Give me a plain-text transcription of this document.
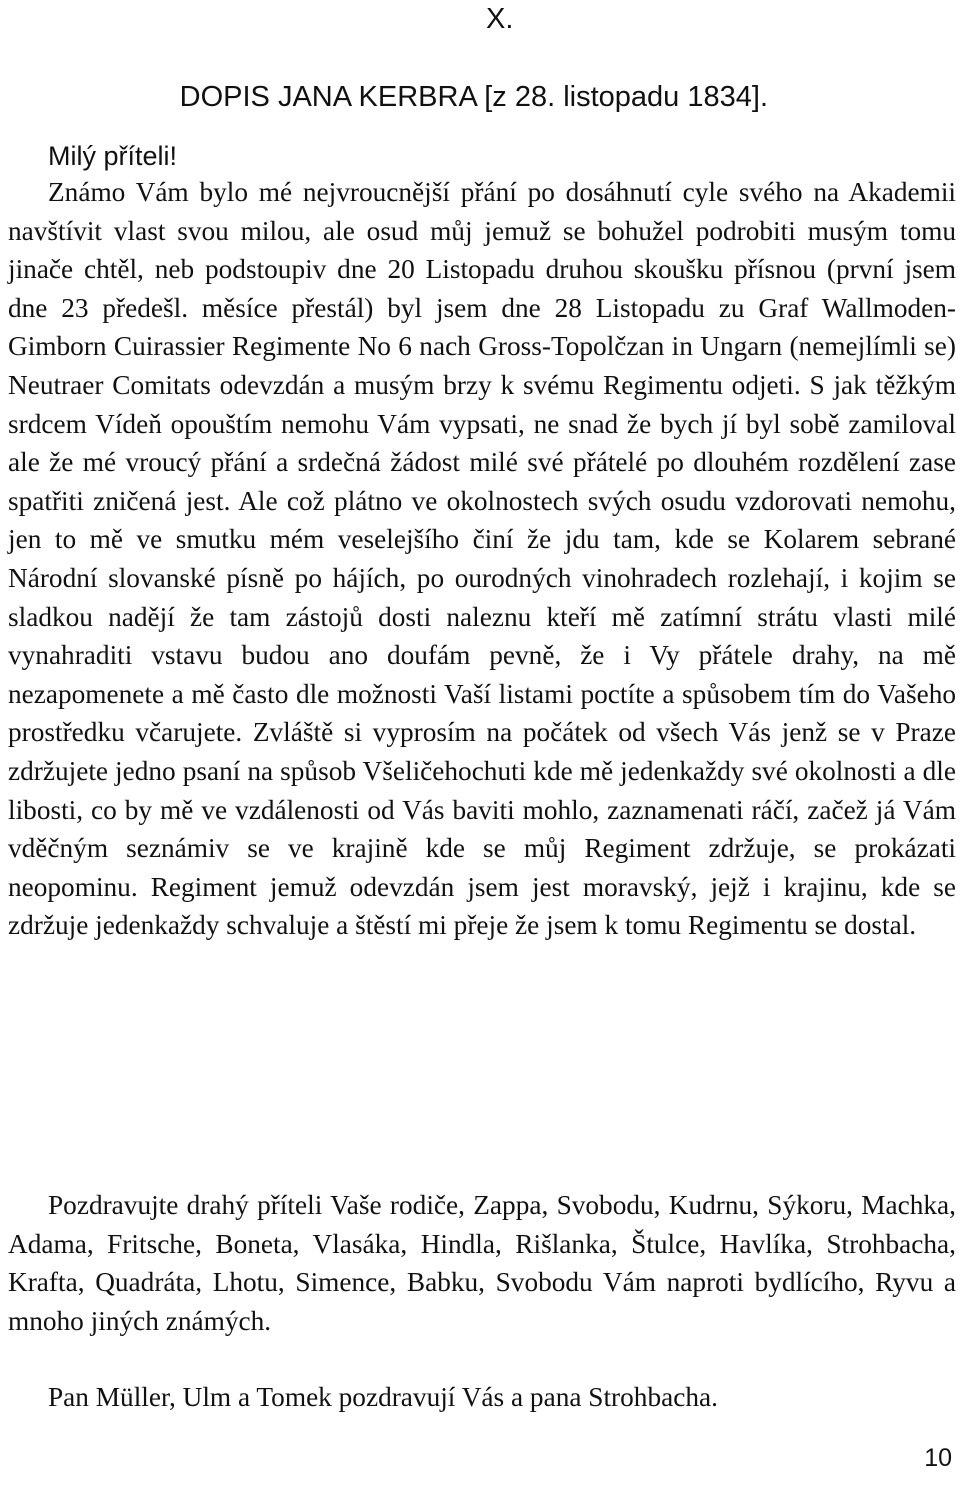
X.

DOPIS JANA KERBRA [z 28. listopadu 1834].

Milý příteli!

Známo Vám bylo mé nejvroucnější přání po dosáhnutí cyle svého na Akademii navštívit vlast svou milou, ale osud můj jemuž se bohužel podrobiti musým tomu jinače chtěl, neb podstoupiv dne 20 Listopadu druhou skoušku přísnou (první jsem dne 23 předešl. měsíce přestál) byl jsem dne 28 Listopadu zu Graf Wallmoden-Gimborn Cuirassier Regimente No 6 nach Gross-Topolčzan in Ungarn (nemejlímli se) Neutraer Comitats odevzdán a musým brzy k svému Regimentu odjeti. S jak těžkým srdcem Vídeň opouštím nemohu Vám vypsati, ne snad že bych jí byl sobě zamiloval ale že mé vroucý přání a srdečná žádost milé své přátelé po dlouhém rozdělení zase spatřiti zničená jest. Ale což plátno ve okolnostech svých osudu vzdorovati nemohu, jen to mě ve smutku mém veselejšího činí že jdu tam, kde se Kolarem sebrané Národní slovanské písně po hájích, po ourodných vinohradech rozlehají, i kojim se sladkou nadějí že tam zástojů dosti naleznu kteří mě zatímní strátu vlasti milé vynahraditi vstavu budou ano doufám pevně, že i Vy přátele drahy, na mě nezapomenete a mě často dle možnosti Vaší listami poctíte a spůsobem tím do Vašeho prostředku včarujete. Zvláště si vyprosím na počátek od všech Vás jenž se v Praze zdržujete jedno psaní na spůsob Všeličehochuti kde mě jedenkaždy své okolnosti a dle libosti, co by mě ve vzdálenosti od Vás baviti mohlo, zaznamenati ráčí, začež já Vám vděčným seznámiv se ve krajině kde se můj Regiment zdržuje, se prokázati neopominu. Regiment jemuž odevzdán jsem jest moravský, jejž i krajinu, kde se zdržuje jedenkaždy schvaluje a štěstí mi přeje že jsem k tomu Regimentu se dostal.

Pozdravujte drahý příteli Vaše rodiče, Zappa, Svobodu, Kudrnu, Sýkoru, Machka, Adama, Fritsche, Boneta, Vlasáka, Hindla, Rišlanka, Štulce, Havlíka, Strohbacha, Krafta, Quadráta, Lhotu, Simence, Babku, Svobodu Vám naproti bydlícího, Ryvu a mnoho jiných známých.

Pan Müller, Ulm a Tomek pozdravují Vás a pana Strohbacha.

10
